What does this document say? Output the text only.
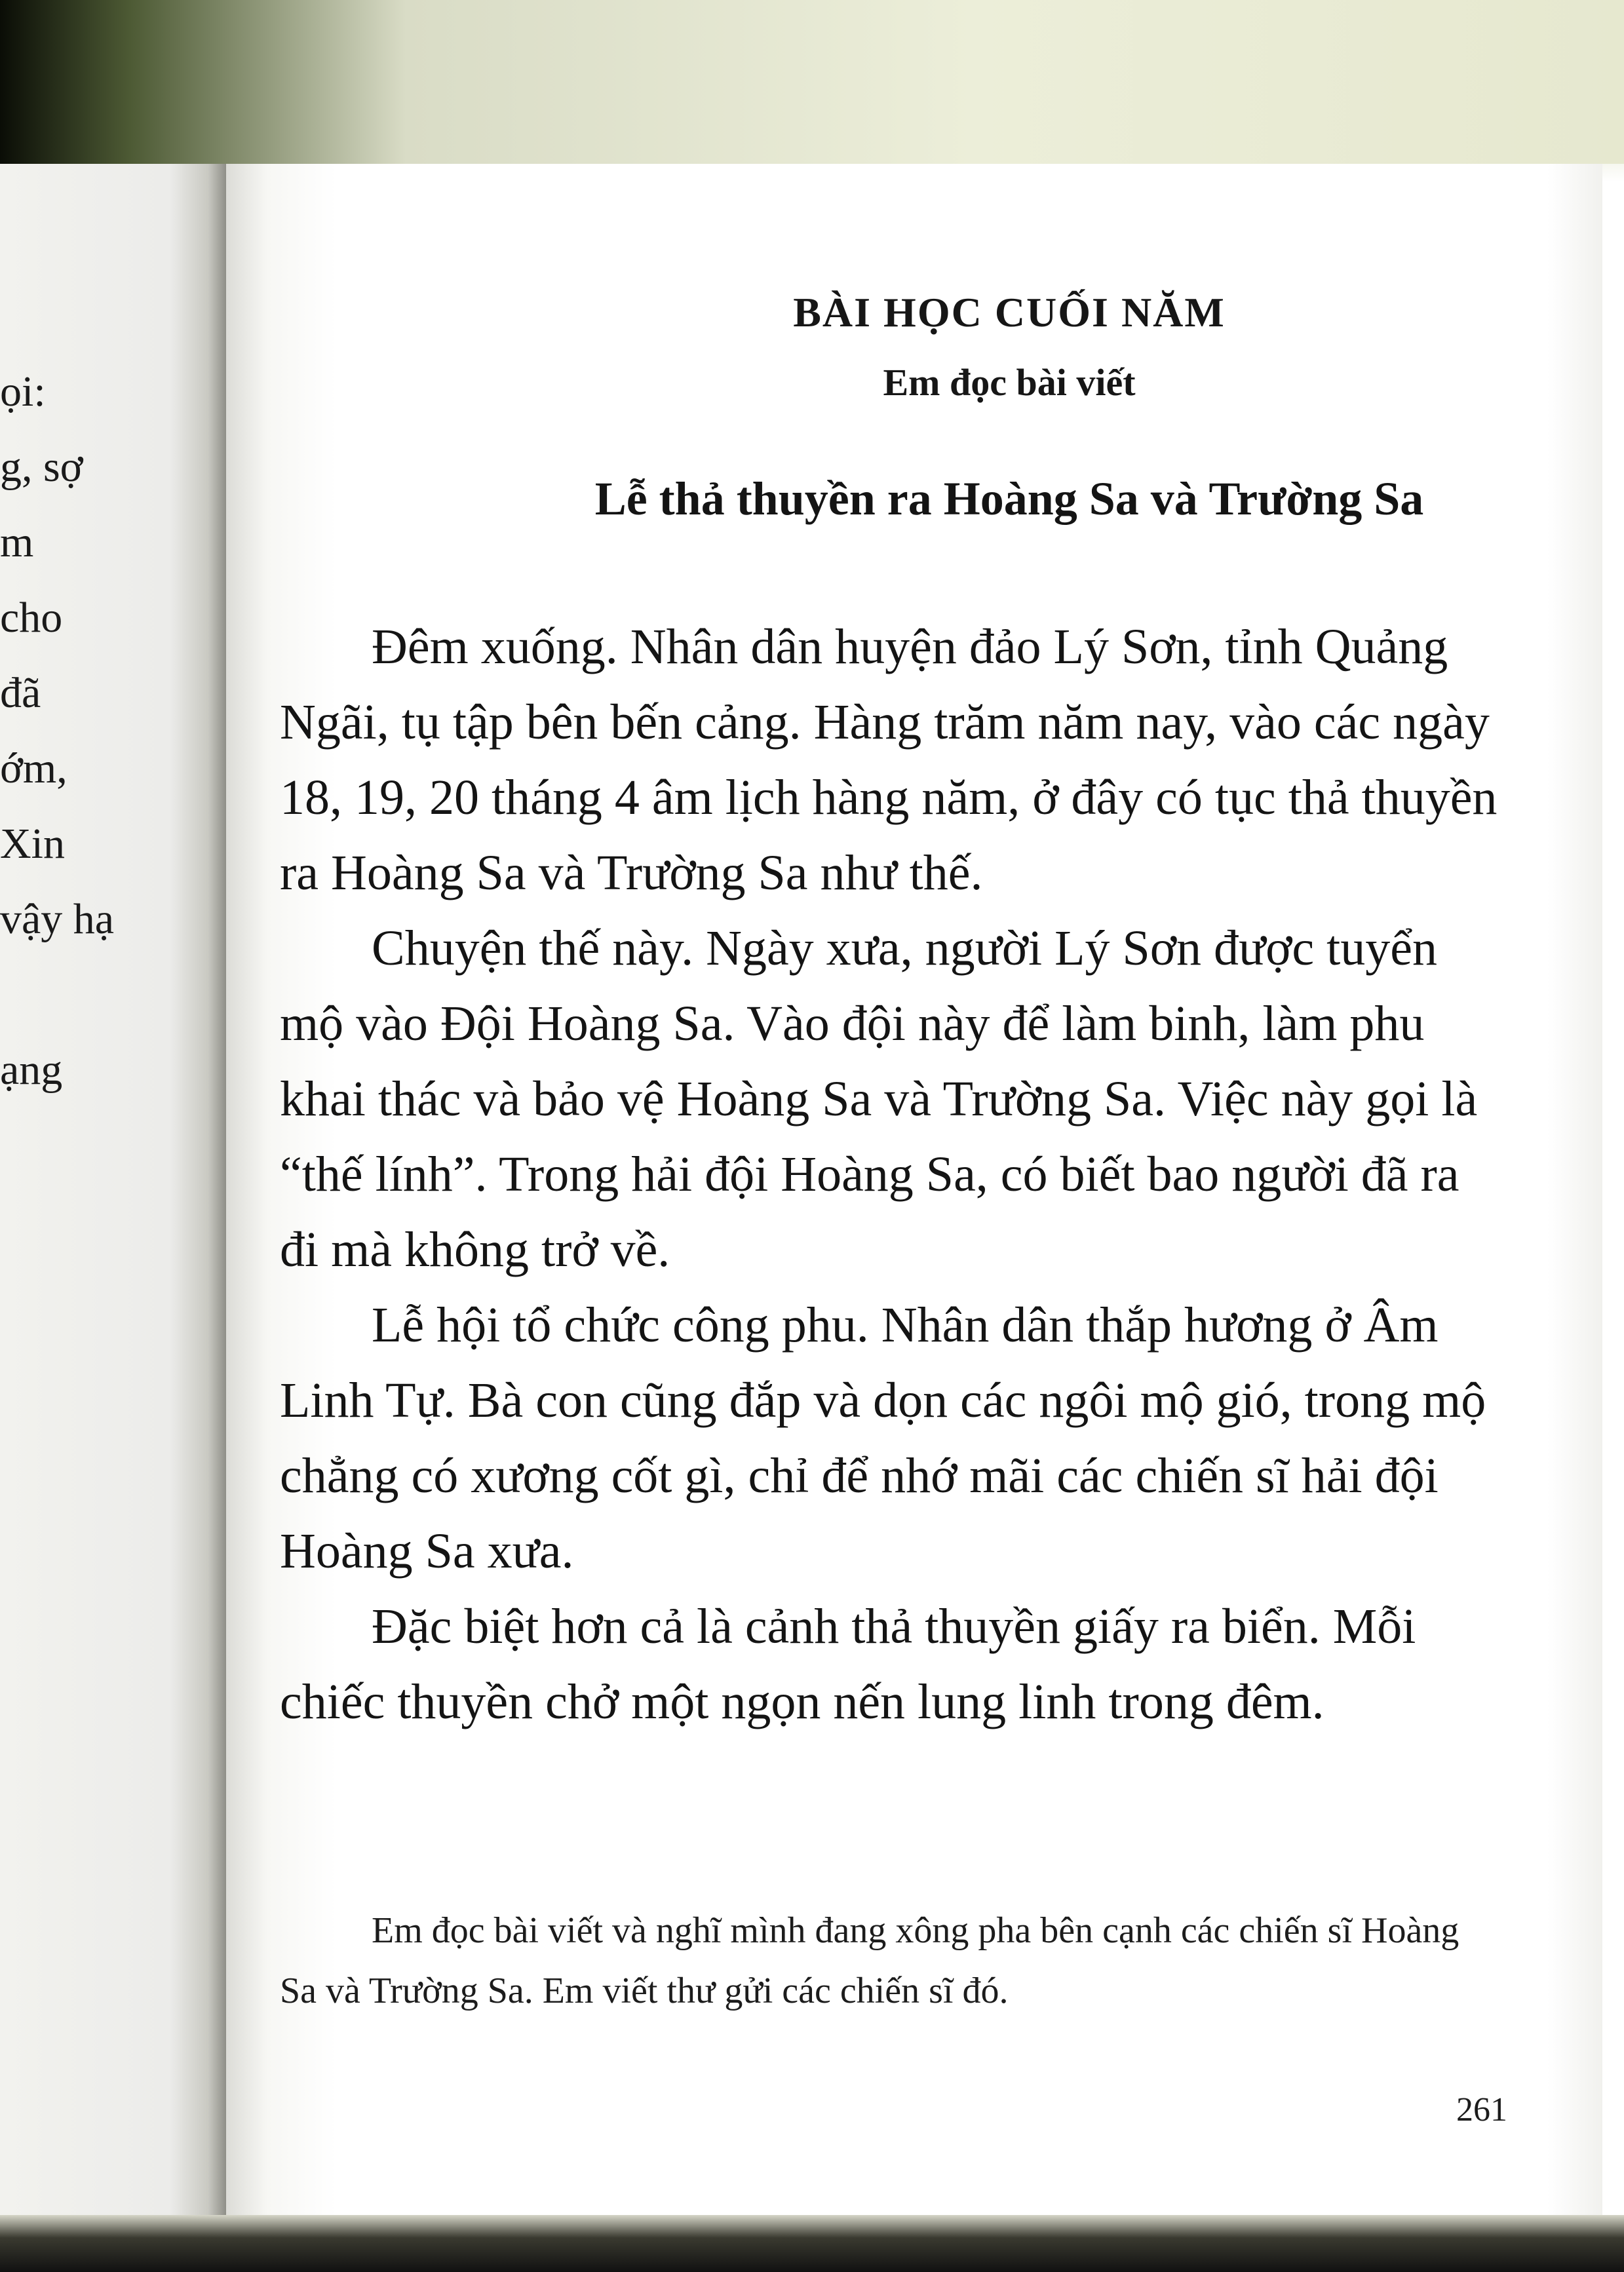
ọi:
g, sợ
m
cho
đã
ớm,
Xin
vậy hạ
ạng
BÀI HỌC CUỐI NĂM
Em đọc bài viết
Lễ thả thuyền ra Hoàng Sa và Trường Sa

Đêm xuống. Nhân dân huyện đảo Lý Sơn, tỉnh Quảng Ngãi, tụ tập bên bến cảng. Hàng trăm năm nay, vào các ngày 18, 19, 20 tháng 4 âm lịch hàng năm, ở đây có tục thả thuyền ra Hoàng Sa và Trường Sa như thế.

Chuyện thế này. Ngày xưa, người Lý Sơn được tuyển mộ vào Đội Hoàng Sa. Vào đội này để làm binh, làm phu khai thác và bảo vệ Hoàng Sa và Trường Sa. Việc này gọi là “thế lính”. Trong hải đội Hoàng Sa, có biết bao người đã ra đi mà không trở về.

Lễ hội tổ chức công phu. Nhân dân thắp hương ở Âm Linh Tự. Bà con cũng đắp và dọn các ngôi mộ gió, trong mộ chẳng có xương cốt gì, chỉ để nhớ mãi các chiến sĩ hải đội Hoàng Sa xưa.

Đặc biệt hơn cả là cảnh thả thuyền giấy ra biển. Mỗi chiếc thuyền chở một ngọn nến lung linh trong đêm.

Em đọc bài viết và nghĩ mình đang xông pha bên cạnh các chiến sĩ Hoàng Sa và Trường Sa. Em viết thư gửi các chiến sĩ đó.

261
